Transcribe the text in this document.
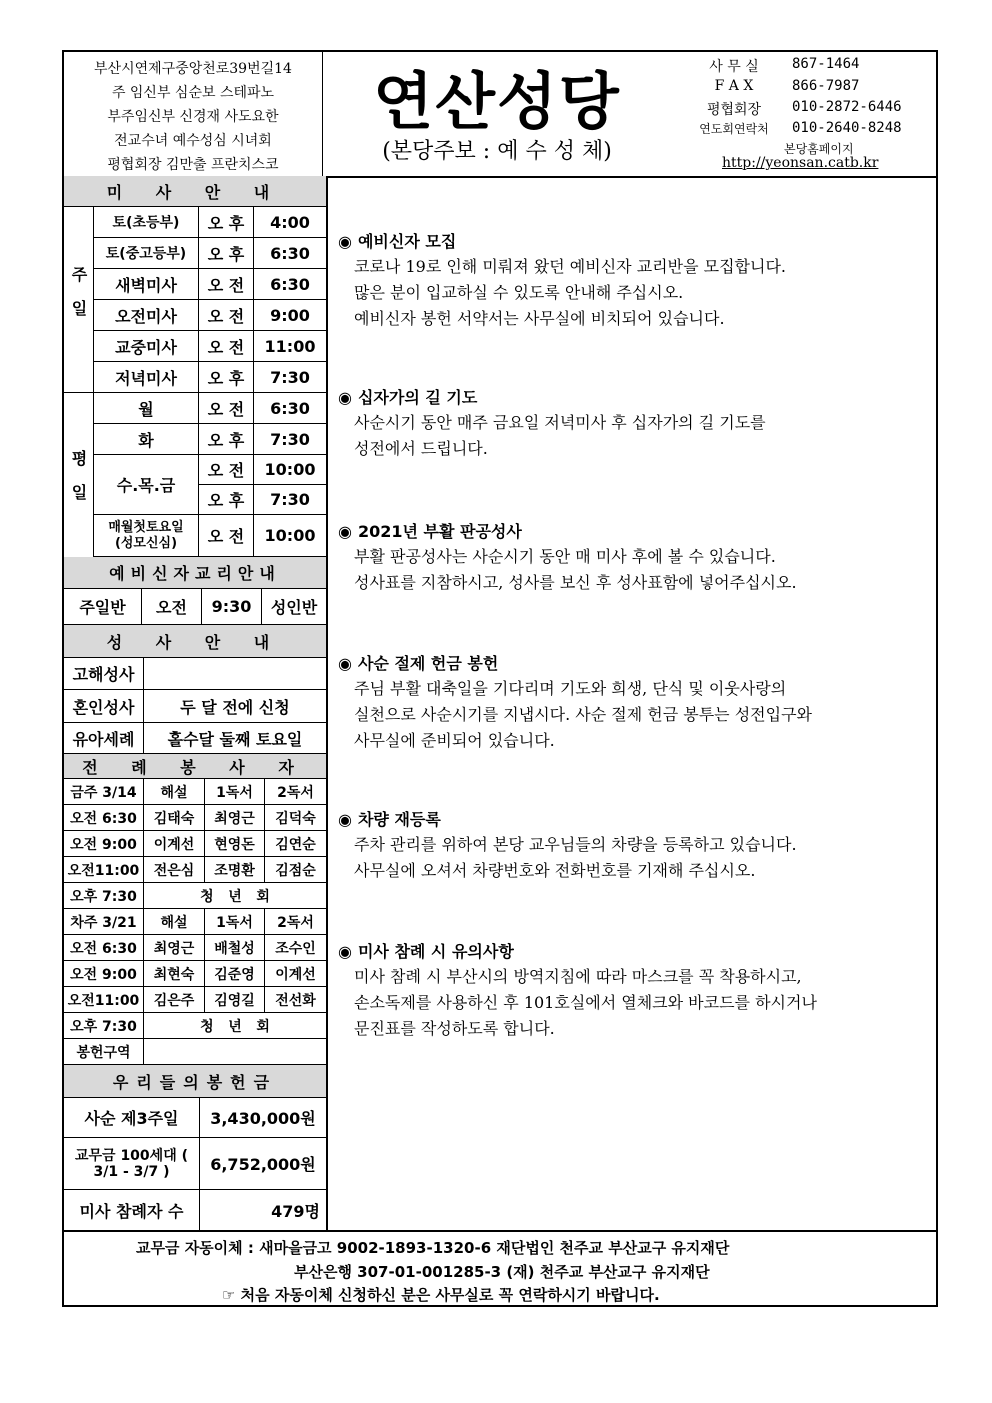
부산시연제구중앙천로39번길14
주 임신부 심순보 스테파노
부주임신부 신경재 사도요한
전교수녀 예수성심 시녀회
평협회장 김만출 프란치스코
연산성당
(본당주보 : 예 수 성 체)
사 무 실	867-1464
F A X	866-7987
평협회장	010-2872-6446
연도회연락처	010-2640-8248
본당홈페이지
http://yeonsan.catb.kr
미 사 안 내
주일
토(초등부)	오 후	4:00
토(중고등부)	오 후	6:30
새벽미사	오 전	6:30
오전미사	오 전	9:00
교중미사	오 전	11:00
저녁미사	오 후	7:30
평일
월	오 전	6:30
화	오 후	7:30
수.목.금
오 전	10:00
오 후	7:30
매월첫토요일(성모신심)	오 전	10:00
예비신자교리안내
주일반	오전	9:30	성인반
성 사 안 내
고해성사
혼인성사	두 달 전에 신청
유아세례	홀수달 둘째 토요일
전 례 봉 사 자
금주 3/14	해설	1독서	2독서
오전 6:30	김태숙	최영근	김덕숙
오전 9:00	이계선	현영돈	김연순
오전11:00	전은심	조명환	김점순
오후 7:30	청   년   회
차주 3/21	해설	1독서	2독서
오전 6:30	최영근	배철성	조수인
오전 9:00	최현숙	김준영	이계선
오전11:00	김은주	김영길	전선화
오후 7:30	청   년   회
봉헌구역
우리들의봉헌금
사순 제3주일	3,430,000원
교무금 100세대 ( 3/1 - 3/7 )	6,752,000원
미사 참례자 수	479명
◉ 예비신자 모집
코로나 19로 인해 미뤄져 왔던 예비신자 교리반을 모집합니다.
많은 분이 입교하실 수 있도록 안내해 주십시오.
예비신자 봉헌 서약서는 사무실에 비치되어 있습니다.
◉ 십자가의 길 기도
사순시기 동안 매주 금요일 저녁미사 후 십자가의 길 기도를
성전에서 드립니다.
◉ 2021년 부활 판공성사
부활 판공성사는 사순시기 동안 매 미사 후에 볼 수 있습니다.
성사표를 지참하시고, 성사를 보신 후 성사표함에 넣어주십시오.
◉ 사순 절제 헌금 봉헌
주님 부활 대축일을 기다리며 기도와 희생, 단식 및 이웃사랑의
실천으로 사순시기를 지냅시다. 사순 절제 헌금 봉투는 성전입구와
사무실에 준비되어 있습니다.
◉ 차량 재등록
주차 관리를 위하여 본당 교우님들의 차량을 등록하고 있습니다.
사무실에 오셔서 차량번호와 전화번호를 기재해 주십시오.
◉ 미사 참례 시 유의사항
미사 참례 시 부산시의 방역지침에 따라 마스크를 꼭 착용하시고,
손소독제를 사용하신 후 101호실에서 열체크와 바코드를 하시거나
문진표를 작성하도록 합니다.
교무금 자동이체 : 새마을금고 9002-1893-1320-6 재단법인 천주교 부산교구 유지재단
부산은행 307-01-001285-3 (재) 천주교 부산교구 유지재단
☞ 처음 자동이체 신청하신 분은 사무실로 꼭 연락하시기 바랍니다.
